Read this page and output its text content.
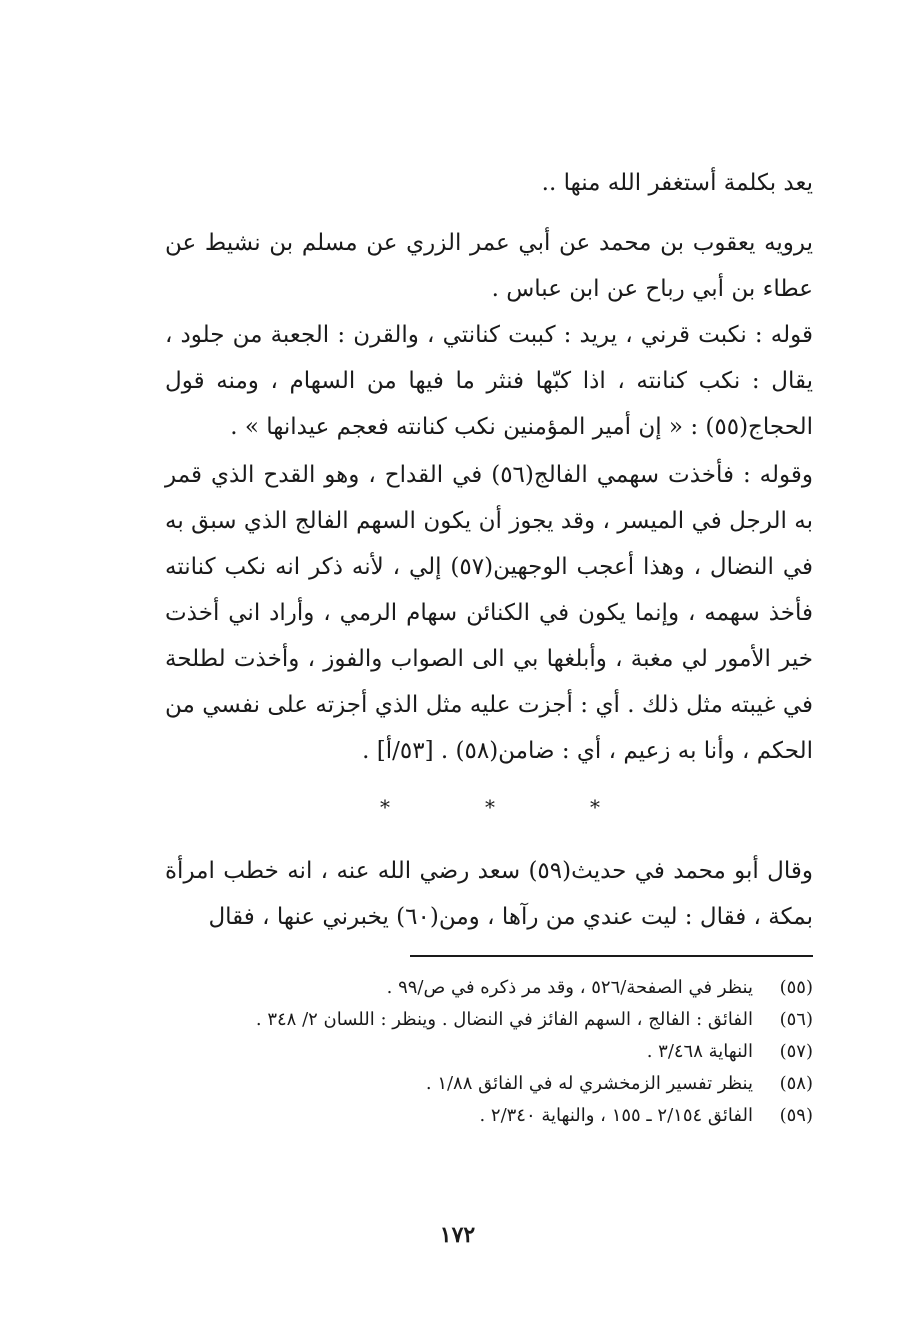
يعد بكلمة أستغفر الله منها ..

يرويه يعقوب بن محمد عن أبي عمر الزري عن مسلم بن نشيط عن عطاء بن أبي رباح عن ابن عباس .

قوله : نكبت قرني ، يريد : كببت كنانتي ، والقرن : الجعبة من جلود ، يقال : نكب كنانته ، اذا كبّها فنثر ما فيها من السهام ، ومنه قول الحجاج(٥٥) : « إن أمير المؤمنين نكب كنانته فعجم عيدانها » .

وقوله : فأخذت سهمي الفالج(٥٦) في القداح ، وهو القدح الذي قمر به الرجل في الميسر ، وقد يجوز أن يكون السهم الفالج الذي سبق به في النضال ، وهذا أعجب الوجهين(٥٧) إلي ، لأنه ذكر انه نكب كنانته فأخذ سهمه ، وإنما يكون في الكنائن سهام الرمي ، وأراد اني أخذت خير الأمور لي مغبة ، وأبلغها بي الى الصواب والفوز ، وأخذت لطلحة في غيبته مثل ذلك . أي : أجزت عليه مثل الذي أجزته على نفسي من الحكم ، وأنا به زعيم ، أي : ضامن(٥٨) . [٥٣/أ] .

*	*	*

وقال أبو محمد في حديث(٥٩) سعد رضي الله عنه ، انه خطب امرأة بمكة ، فقال : ليت عندي من رآها ، ومن(٦٠) يخبرني عنها ، فقال

(٥٥)
ينظر في الصفحة/٥٢٦ ، وقد مر ذكره في ص/٩٩ .
(٥٦)
الفائق : الفالج ، السهم الفائز في النضال . وينظر : اللسان ٢/ ٣٤٨ .
(٥٧)
النهاية ٣/٤٦٨ .
(٥٨)
ينظر تفسير الزمخشري له في الفائق ١/٨٨ .
(٥٩)
الفائق ٢/١٥٤ ـ ١٥٥ ، والنهاية ٢/٣٤٠ .
١٧٢
